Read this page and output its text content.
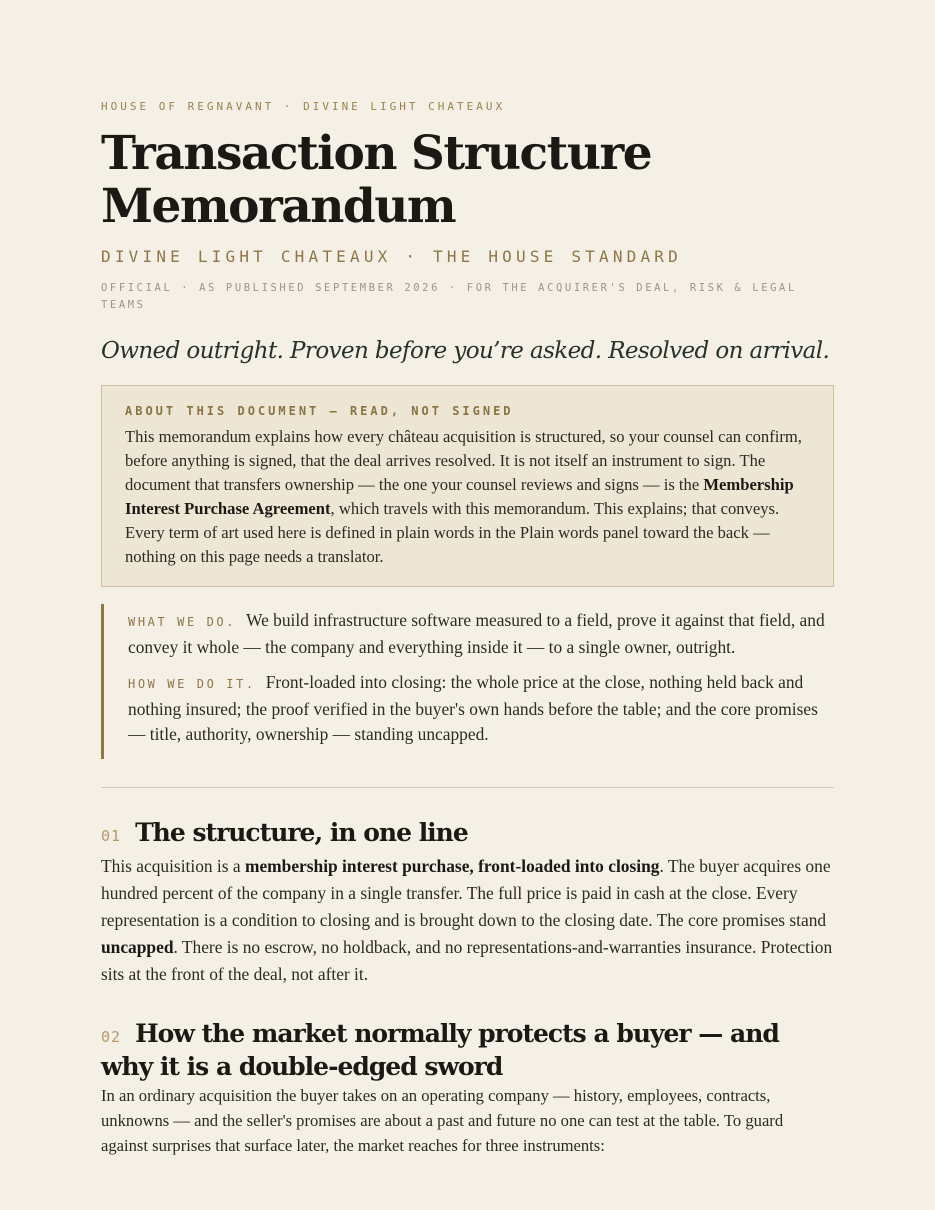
HOUSE OF REGNAVANT · DIVINE LIGHT CHATEAUX
Transaction Structure
Memorandum
DIVINE LIGHT CHATEAUX · THE HOUSE STANDARD
OFFICIAL · AS PUBLISHED SEPTEMBER 2026 · FOR THE ACQUIRER'S DEAL, RISK & LEGAL TEAMS
Owned outright. Proven before you’re asked. Resolved on arrival.
ABOUT THIS DOCUMENT — READ, NOT SIGNED
This memorandum explains how every château acquisition is structured, so your counsel can confirm, before anything is signed, that the deal arrives resolved. It is not itself an instrument to sign. The document that transfers ownership — the one your counsel reviews and signs — is the Membership Interest Purchase Agreement, which travels with this memorandum. This explains; that conveys. Every term of art used here is defined in plain words in the Plain words panel toward the back — nothing on this page needs a translator.
WHAT WE DO. We build infrastructure software measured to a field, prove it against that field, and convey it whole — the company and everything inside it — to a single owner, outright.
HOW WE DO IT. Front-loaded into closing: the whole price at the close, nothing held back and nothing insured; the proof verified in the buyer's own hands before the table; and the core promises — title, authority, ownership — standing uncapped.
01 The structure, in one line

This acquisition is a membership interest purchase, front-loaded into closing. The buyer acquires one hundred percent of the company in a single transfer. The full price is paid in cash at the close. Every representation is a condition to closing and is brought down to the closing date. The core promises stand uncapped. There is no escrow, no holdback, and no representations-and-warranties insurance. Protection sits at the front of the deal, not after it.

02 How the market normally protects a buyer — and why it is a double-edged sword

In an ordinary acquisition the buyer takes on an operating company — history, employees, contracts, unknowns — and the seller's promises are about a past and future no one can test at the table. To guard against surprises that surface later, the market reaches for three instruments:
